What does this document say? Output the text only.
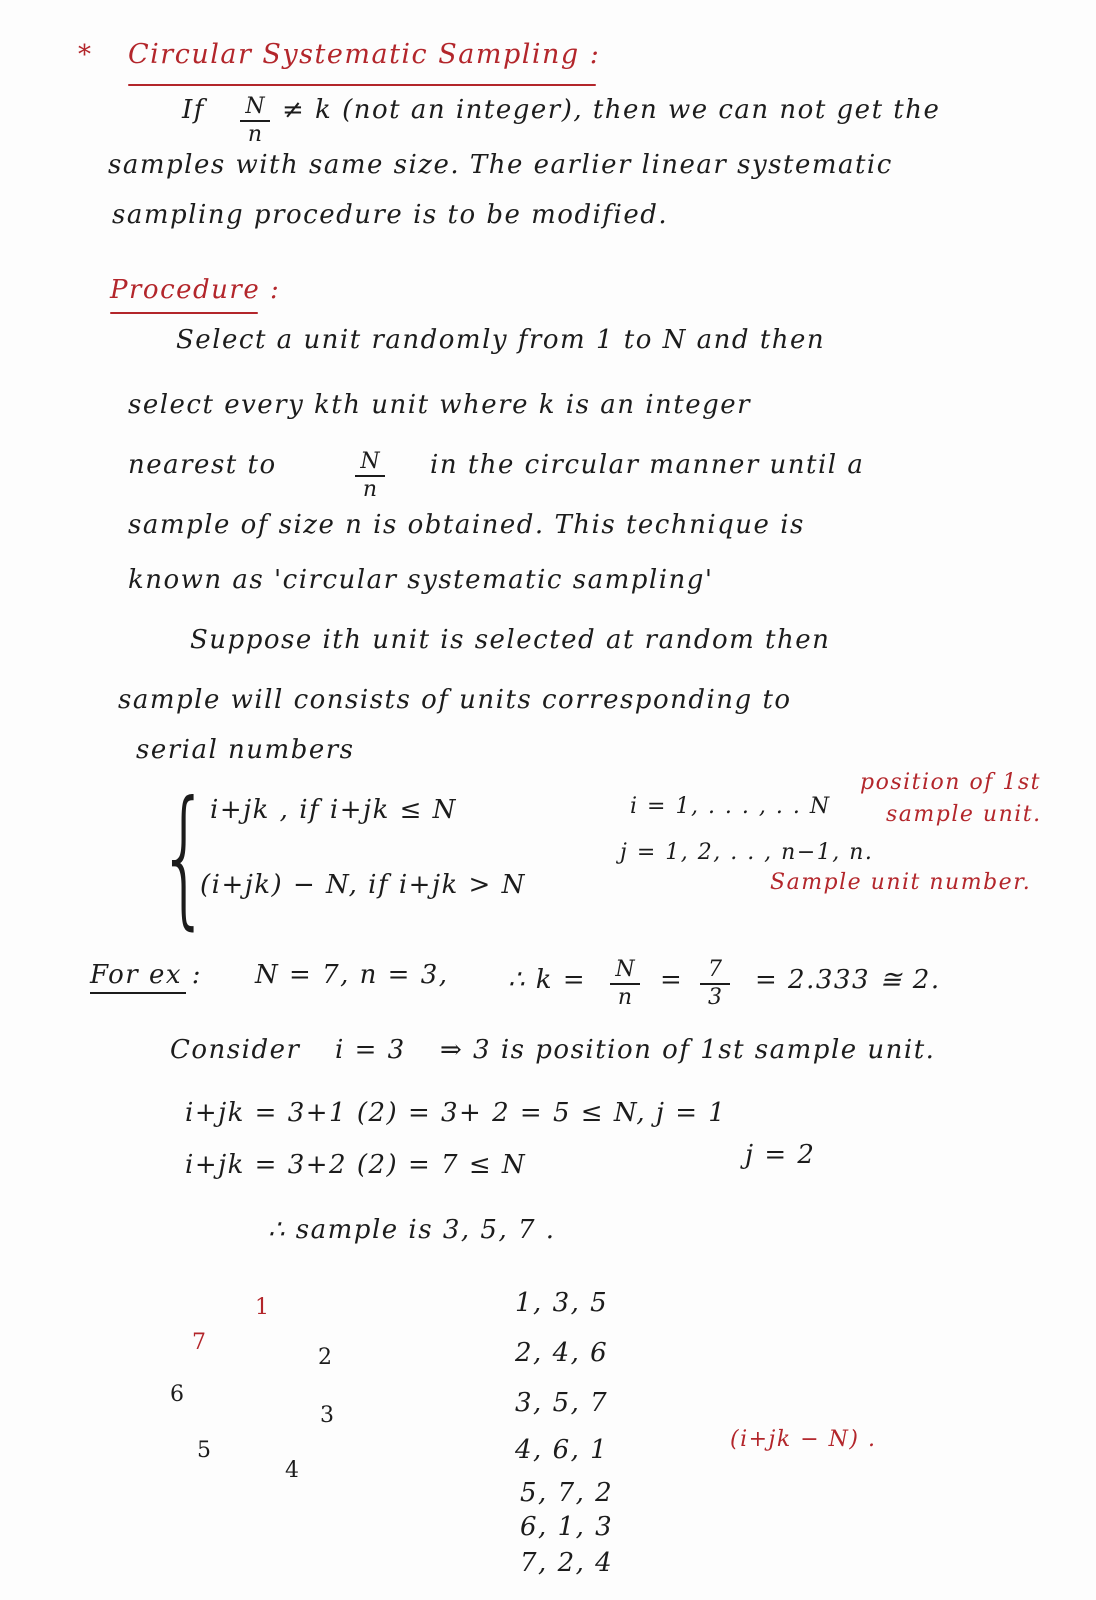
* Circular Systematic Sampling :
If N
n
≠ k (not an integer), then we can not get the
samples with same size. The earlier linear systematic
sampling procedure is to be modified.
Procedure :
Select a unit randomly from 1 to N and then
select every kth unit where k is an integer
nearest to	N
n
in the circular manner until a
sample of size n is obtained. This technique is
known as 'circular systematic sampling'
Suppose ith unit is selected at random then
sample will consists of units corresponding to
serial numbers
{ i+jk , if i+jk ≤ N
(i+jk) − N, if i+jk > N
i = 1, . . . , . . N
position of 1st
sample unit.
j = 1, 2, . . , n−1, n.
Sample unit number.
For ex : N = 7, n = 3, ∴ k = N
n
=	7
3
= 2.333 ≅ 2.
Consider i = 3 ⇒ 3 is position of 1st sample unit.
i+jk = 3+1 (2) = 3+ 2 = 5 ≤ N, j = 1
i+jk = 3+2 (2) = 7 ≤ N	j = 2
∴ sample is 3, 5, 7 .
1
2
3
4
5
6
7
1, 3, 5
2, 4, 6
3, 5, 7
4, 6, 1
5, 7, 2
6, 1, 3
7, 2, 4
(i+jk − N) .
